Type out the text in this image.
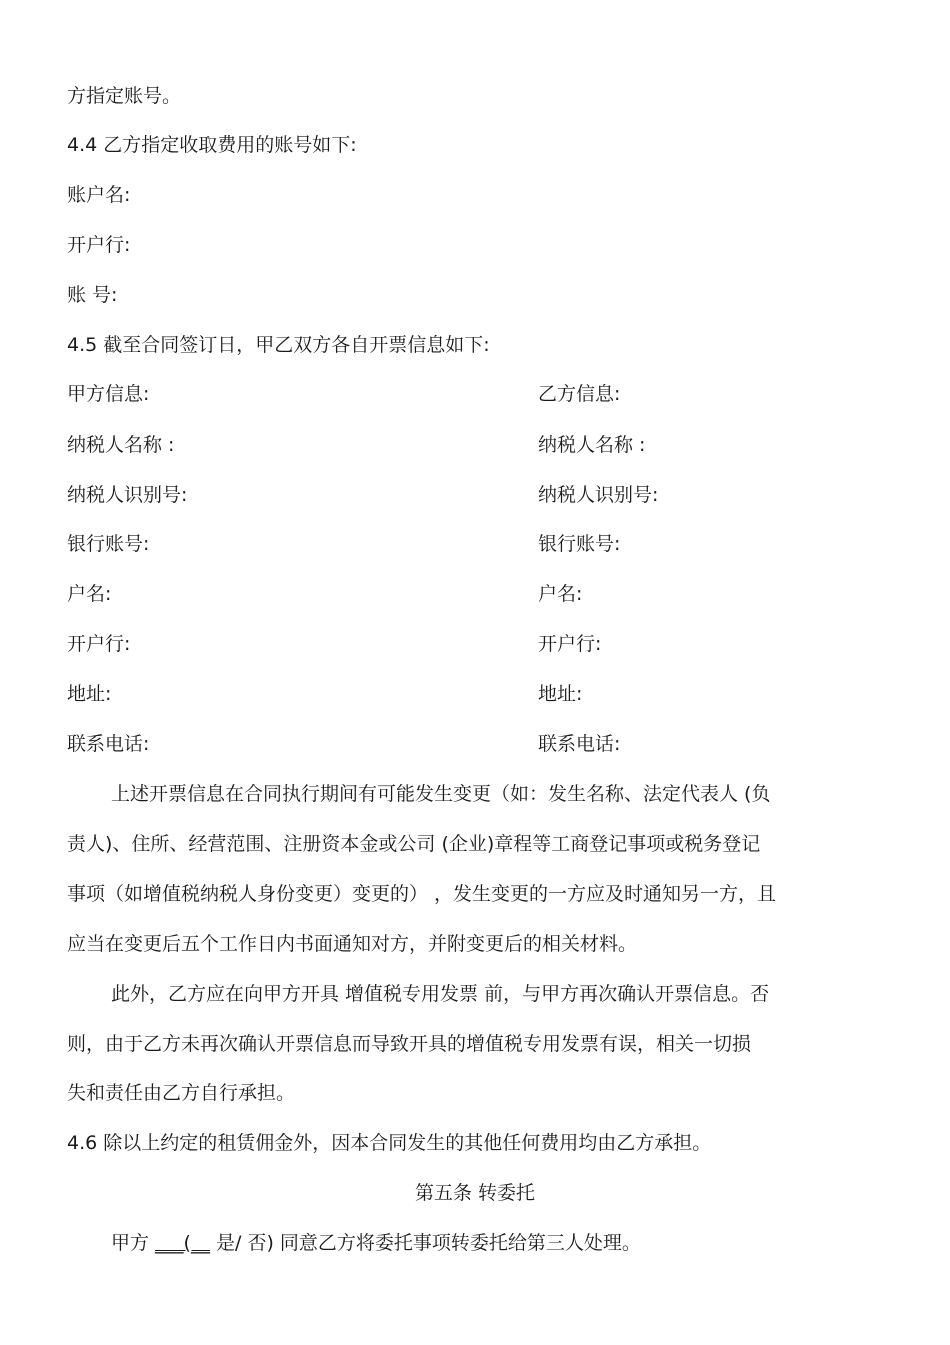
方指定账号。
4.4 乙方指定收取费用的账号如下:
账户名:
开户行:
账 号:
4.5 截至合同签订日，甲乙双方各自开票信息如下:
甲方信息:	乙方信息:
纳税人名称 :	纳税人名称 :
纳税人识别号:	纳税人识别号:
银行账号:	银行账号:
户名:	户名:
开户行:	开户行:
地址:	地址:
联系电话:	联系电话:
上述开票信息在合同执行期间有可能发生变更（如：发生名称、法定代表人 (负
责人)、住所、经营范围、注册资本金或公司 (企业)章程等工商登记事项或税务登记
事项（如增值税纳税人身份变更）变更的） ，发生变更的一方应及时通知另一方，且
应当在变更后五个工作日内书面通知对方，并附变更后的相关材料。
此外，乙方应在向甲方开具 增值税专用发票 前，与甲方再次确认开票信息。否
则，由于乙方未再次确认开票信息而导致开具的增值税专用发票有误，相关一切损
失和责任由乙方自行承担。
4.6 除以上约定的租赁佣金外，因本合同发生的其他任何费用均由乙方承担。
第五条 转委托
甲方 ___(__ 是/ 否) 同意乙方将委托事项转委托给第三人处理。
